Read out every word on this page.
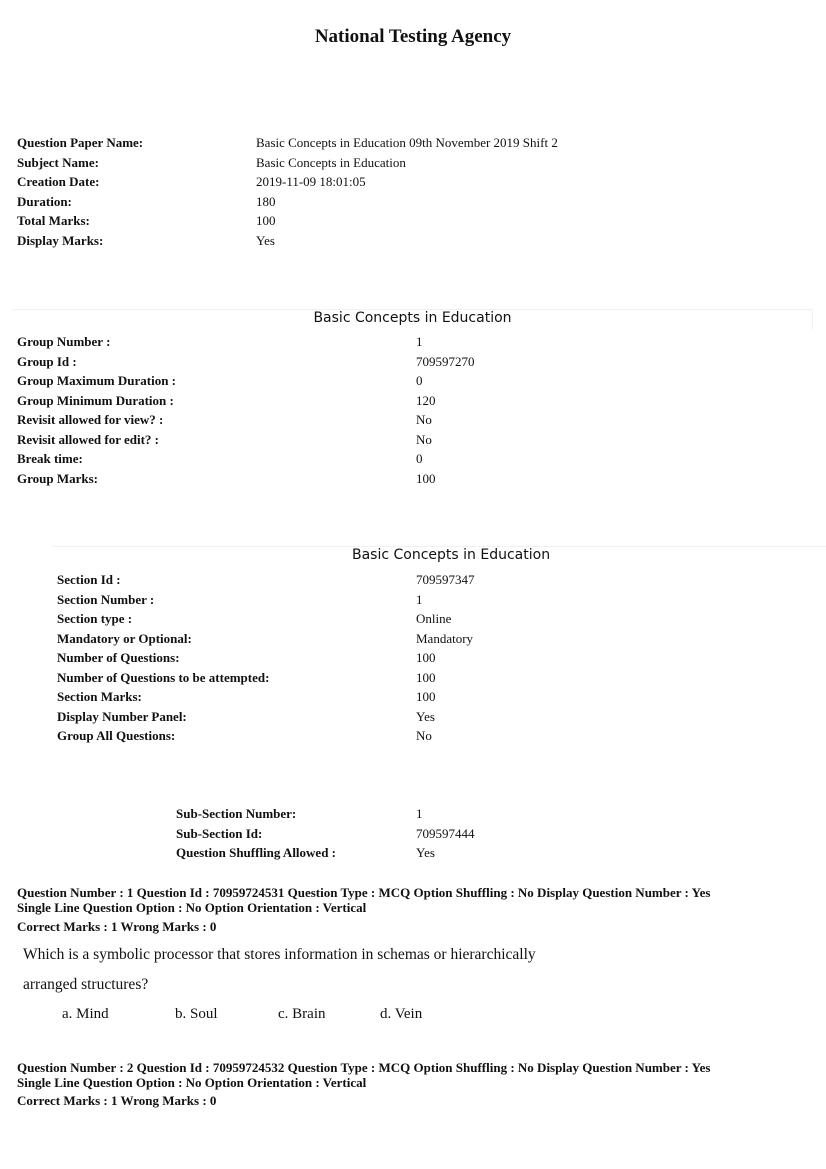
National Testing Agency
Question Paper Name:	Basic Concepts in Education 09th November 2019 Shift 2
Subject Name:	Basic Concepts in Education
Creation Date:	2019-11-09 18:01:05
Duration:	180
Total Marks:	100
Display Marks:	Yes
Basic Concepts in Education
Group Number :	1
Group Id :	709597270
Group Maximum Duration :	0
Group Minimum Duration :	120
Revisit allowed for view? :	No
Revisit allowed for edit? :	No
Break time:	0
Group Marks:	100
Basic Concepts in Education
Section Id :	709597347
Section Number :	1
Section type :	Online
Mandatory or Optional:	Mandatory
Number of Questions:	100
Number of Questions to be attempted:	100
Section Marks:	100
Display Number Panel:	Yes
Group All Questions:	No
Sub-Section Number:	1
Sub-Section Id:	709597444
Question Shuffling Allowed :	Yes
Question Number : 1 Question Id : 70959724531 Question Type : MCQ Option Shuffling : No Display Question Number : Yes
Single Line Question Option : No Option Orientation : Vertical
Correct Marks : 1 Wrong Marks : 0
Which is a symbolic processor that stores information in schemas or hierarchically
arranged structures?
a. Mind	b. Soul	c. Brain	d. Vein
Question Number : 2 Question Id : 70959724532 Question Type : MCQ Option Shuffling : No Display Question Number : Yes
Single Line Question Option : No Option Orientation : Vertical
Correct Marks : 1 Wrong Marks : 0
